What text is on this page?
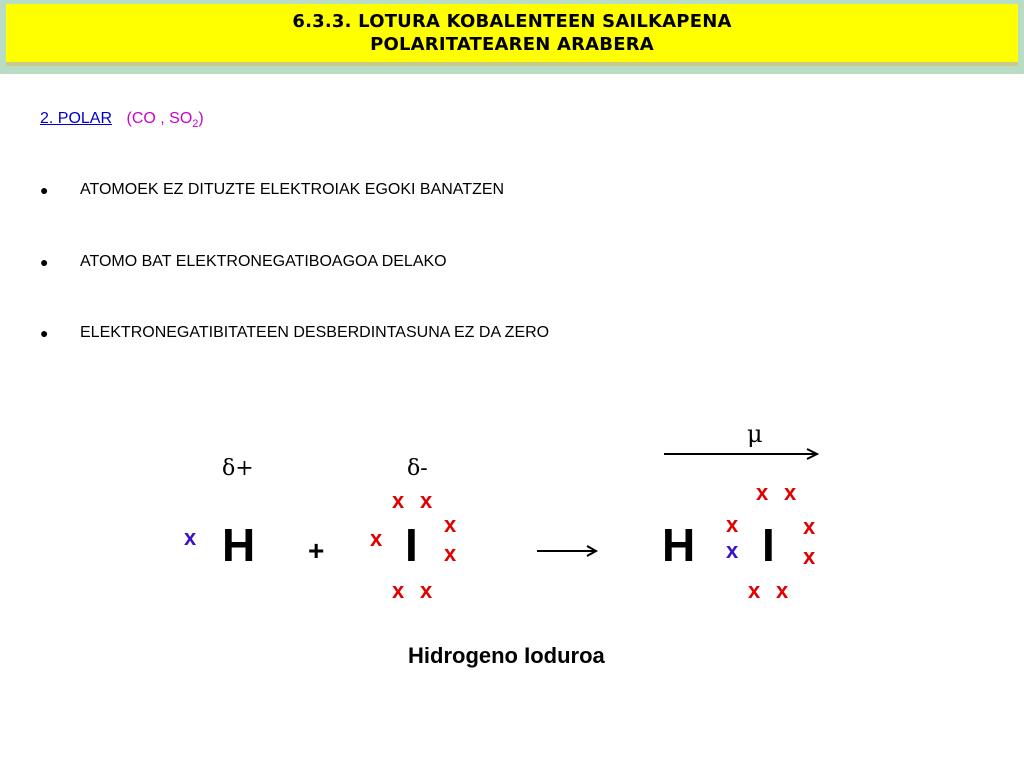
6.3.3. LOTURA KOBALENTEEN SAILKAPENA
POLARITATEAREN ARABERA
2. POLAR (CO , $SO_2$)
●	ATOMOEK EZ DITUZTE ELEKTROIAK EGOKI BANATZEN
●	ATOMO BAT ELEKTRONEGATIBOAGOA DELAKO
●	ELEKTRONEGATIBITATEEN DESBERDINTASUNA EZ DA ZERO
δ+	δ-
x H +
x x
x I x
x
x x
μ
H x
x
x x
I x
x
x x
Hidrogeno Ioduroa
